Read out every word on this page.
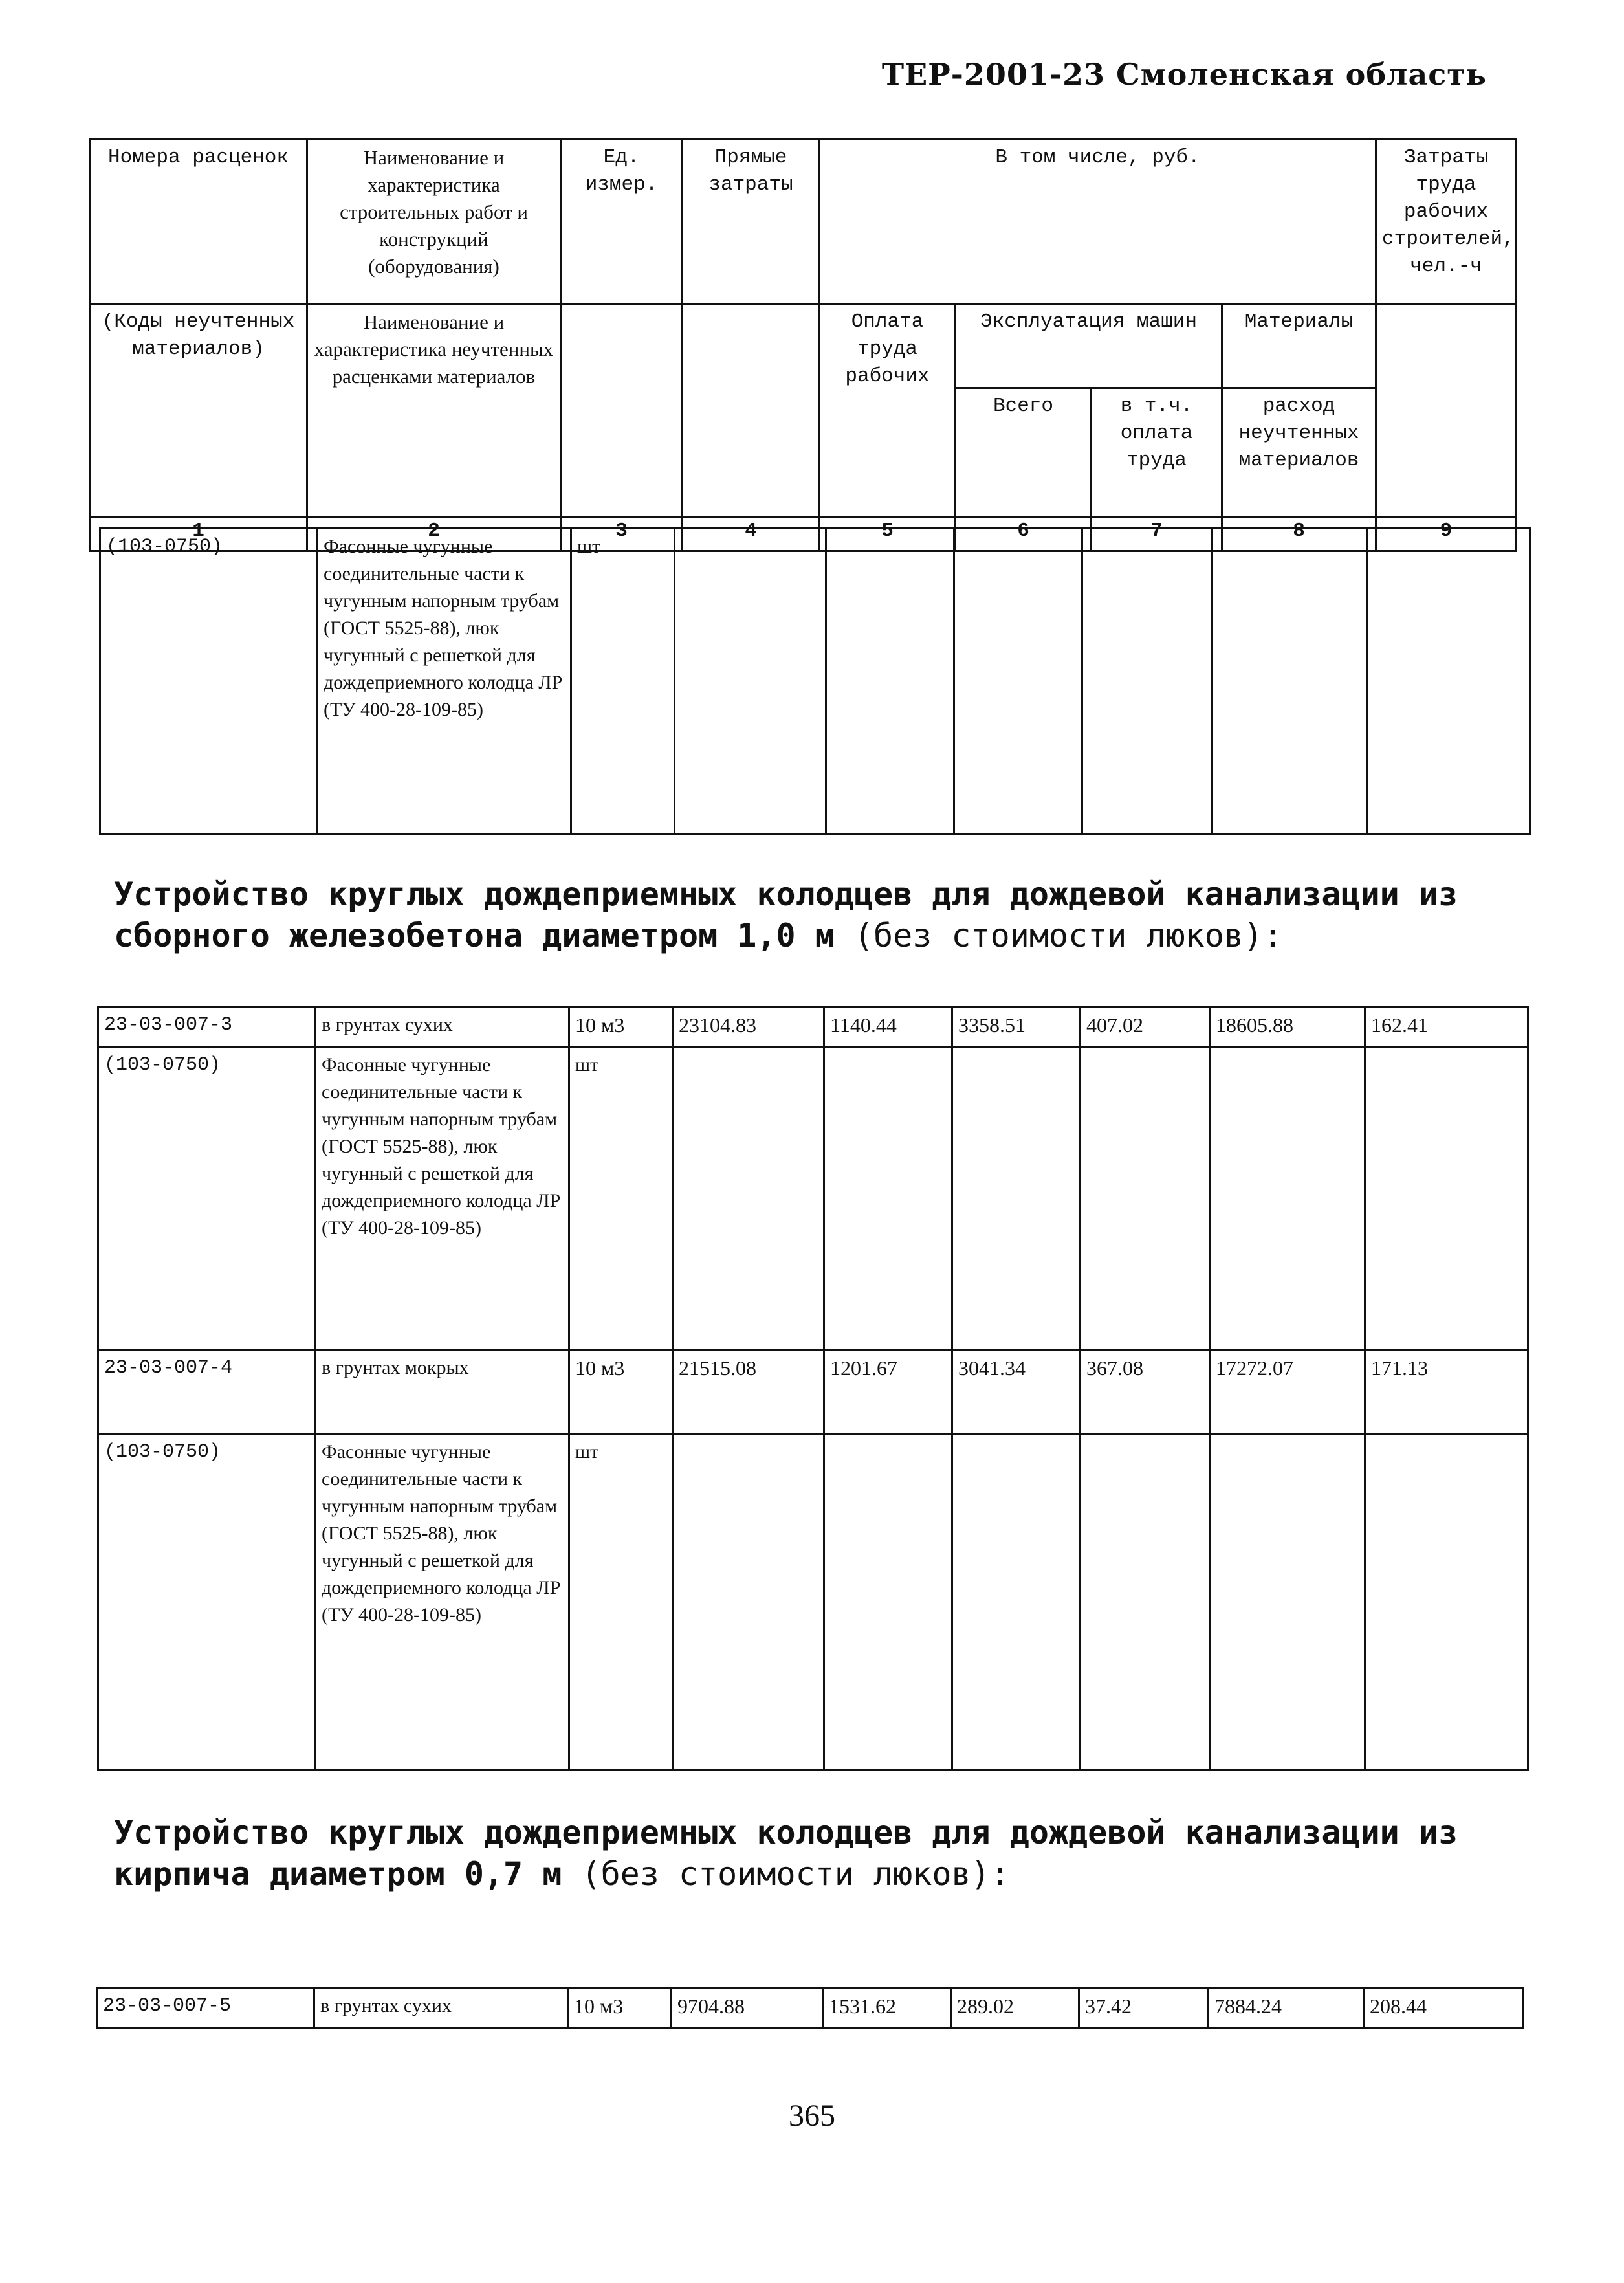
ТЕР-2001-23 Смоленская область
Номера расценок	Наименование и характеристика строительных работ и конструкций (оборудования)	Ед. измер.	Прямые затраты	В том числе, руб.				Затраты труда рабочих строителей, чел.-ч

(Коды неучтенных материалов)	Наименование и характеристика неучтенных расценками материалов			Оплата труда рабочих	Эксплуатация машин		Материалы	
					Всего	в т.ч. оплата труда	расход неучтенных материалов	
1	2	3	4	5	6	7	8	9
(103-0750)	Фасонные чугунные соединительные части к чугунным напорным трубам (ГОСТ 5525-88), люк чугунный с решеткой для дождеприемного колодца ЛР (ТУ 400-28-109-85)	шт						
Устройство круглых дождеприемных колодцев для дождевой канализации из сборного железобетона диаметром 1,0 м (без стоимости люков):
23-03-007-3	в грунтах сухих	10 м3	23104.83	1140.44	3358.51	407.02	18605.88	162.41
(103-0750)	Фасонные чугунные соединительные части к чугунным напорным трубам (ГОСТ 5525-88), люк чугунный с решеткой для дождеприемного колодца ЛР (ТУ 400-28-109-85)	шт						
23-03-007-4	в грунтах мокрых	10 м3	21515.08	1201.67	3041.34	367.08	17272.07	171.13
(103-0750)	Фасонные чугунные соединительные части к чугунным напорным трубам (ГОСТ 5525-88), люк чугунный с решеткой для дождеприемного колодца ЛР (ТУ 400-28-109-85)	шт						
Устройство круглых дождеприемных колодцев для дождевой канализации из кирпича диаметром 0,7 м (без стоимости люков):
23-03-007-5	в грунтах сухих	10 м3	9704.88	1531.62	289.02	37.42	7884.24	208.44
365
